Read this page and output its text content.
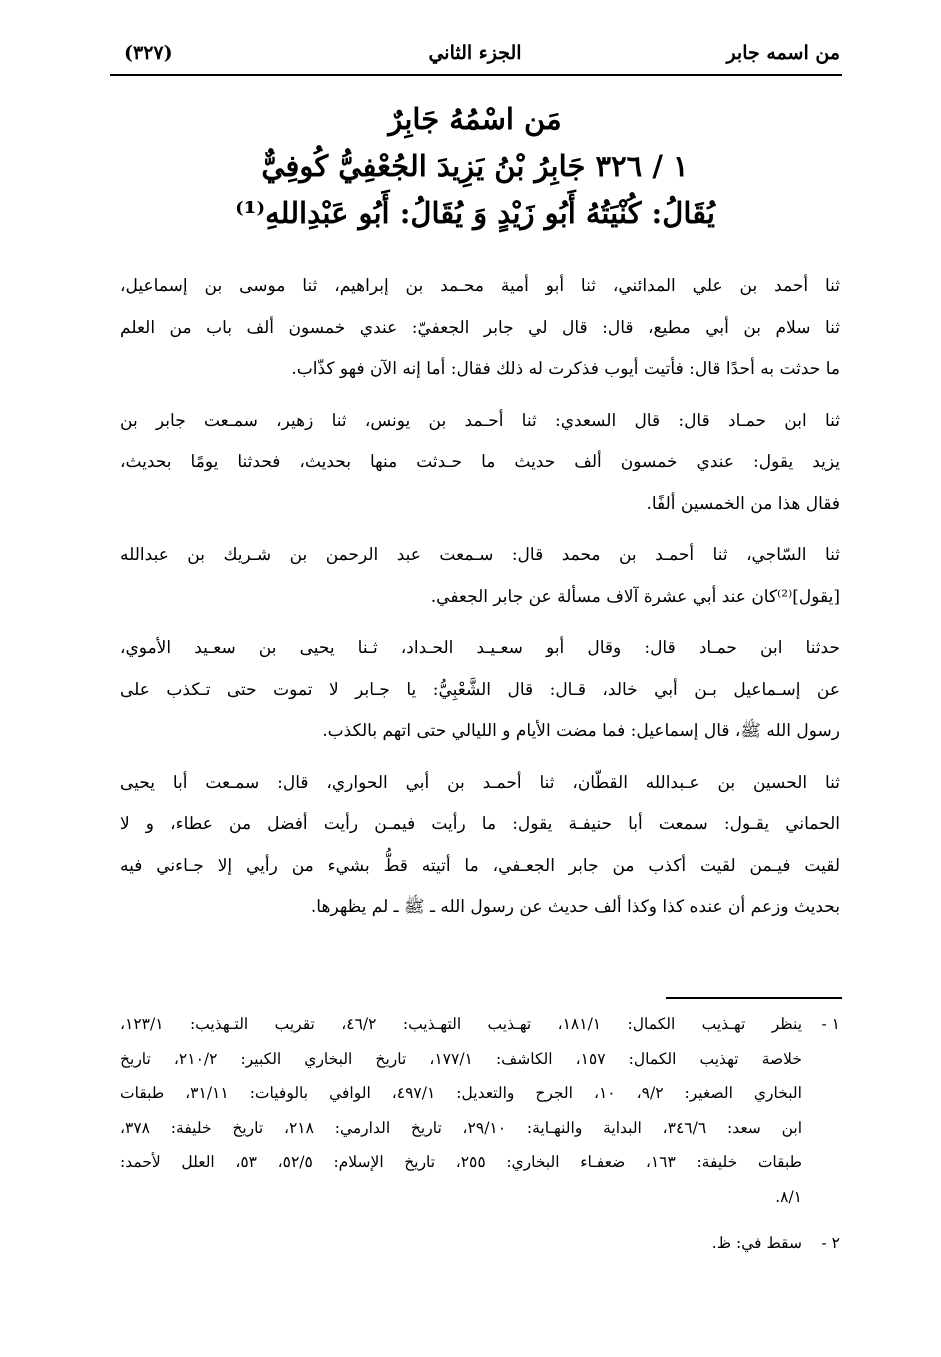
من اسمه جابر
الجزء الثاني
(٣٢٧)
مَن اسْمُهُ جَابِرٌ
١ / ٣٢٦ جَابِرُ بْنُ يَزِيدَ الجُعْفِيُّ كُوفِيٌّ
يُقَالُ: كُنْيَتُهُ أَبُو زَيْدٍ وَ يُقَالُ: أَبُو عَبْدِاللهِ⁽¹⁾
ثنا أحمد بن علي المدائني، ثنا أبو أمية محـمد بن إبراهيم، ثنا موسى بن إسماعيل،
ثنا سلام بن أبي مطيع، قال: قال لي جابر الجعفيّ: عندي خمسون ألف باب من العلم
ما حدثت به أحدًا قال: فأتيت أيوب فذكرت له ذلك فقال: أما إنه الآن فهو كذّاب.
ثنا ابن حمـاد قال: قال السعدي: ثنا أحـمد بن يونس، ثنا زهير، سمـعت جابر بن
يزيد يقول: عندي خمسون ألف حديث ما حـدثت منها بحديث، فحدثنا يومًا بحديث،
فقال هذا من الخمسين ألفًا.
ثنا السّاجي، ثنا أحمـد بن محمد قال: سـمعت عبد الرحمن بن شـريك بن عبدالله
[يقول]⁽²⁾كان عند أبي عشرة آلاف مسألة عن جابر الجعفي.
حدثنا ابن حمـاد قال: وقال أبو سعـيـد الحـداد، ثـنا يحيى بن سعـيد الأموي،
عن إسـماعيل بـن أبي خالد، قـال: قال الشَّعْبِيُّ: يا جـابر لا تموت حتى تـكذب على
رسول الله ﷺ، قال إسماعيل: فما مضت الأيام و الليالي حتى اتهم بالكذب.
ثنا الحسين بن عـبدالله القطّان، ثنا أحمـد بن أبي الحواري، قال: سمـعت أبا يحيى
الحماني يقـول: سمعت أبا حنيفـة يقول: ما رأيت فيمـن رأيت أفضل من عطاء، و لا
لقيت فيـمن لقيت أكذب من جابر الجعـفي، ما أتيته قطُّ بشيء من رأيي إلا جـاءني فيه
بحديث وزعم أن عنده كذا وكذا ألف حديث عن رسول الله ـ ﷺ ـ لم يظهرها.
١ -
ينظر تهـذيب الكمال: ١٨١/١، تهـذيب التهـذيب: ٤٦/٢، تقريب التـهذيب: ١٢٣/١،
خلاصة تهذيب الكمال: ١٥٧، الكاشف: ١٧٧/١، تاريخ البخاري الكبير: ٢١٠/٢، تاريخ
البخاري الصغير: ٩/٢، ١٠، الجرح والتعديل: ٤٩٧/١، الوافي بالوفيات: ٣١/١١، طبقات
ابن سعد: ٣٤٦/٦، البداية والنهـاية: ٢٩/١٠، تاريخ الدارمي: ٢١٨، تاريخ خليفة: ٣٧٨،
طبقات خليفة: ١٦٣، ضعفـاء البخاري: ٢٥٥، تاريخ الإسلام: ٥٢/٥، ٥٣، العلل لأحمد:
٨/١.
٢ -
سقط في: ظ.
